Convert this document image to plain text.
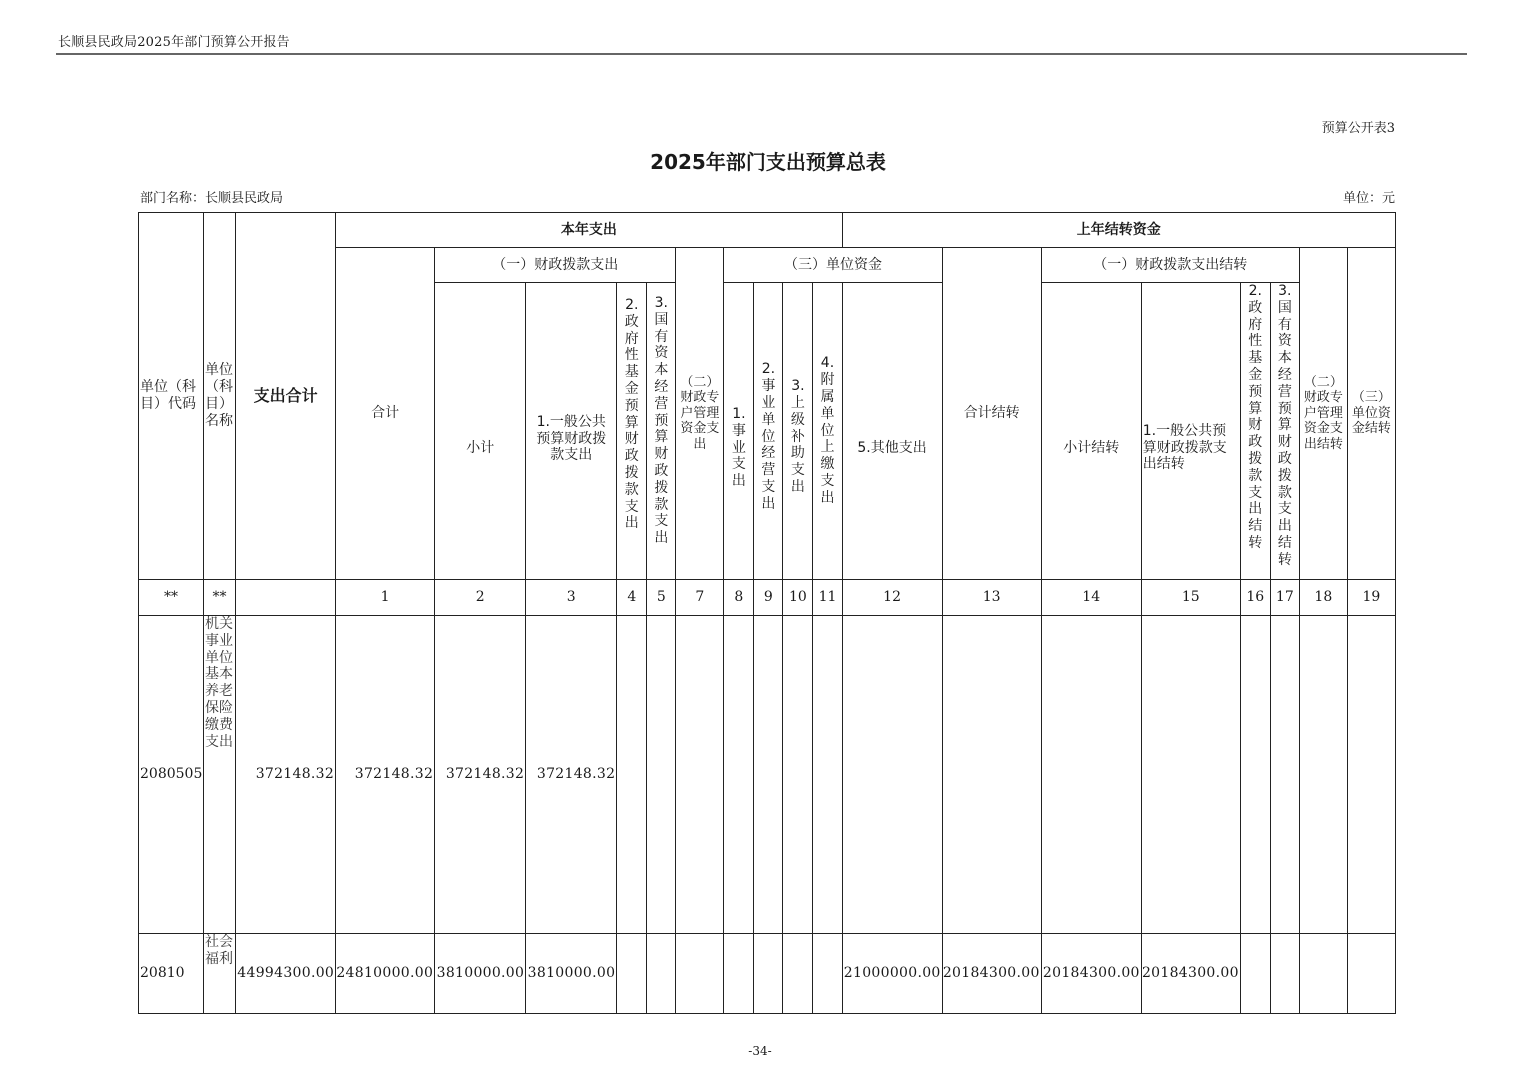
长顺县民政局2025年部门预算公开报告
预算公开表3
2025年部门支出预算总表
部门名称：长顺县民政局	单位：元
单位（科目）代码	单位（科目）名称	支出合计	本年支出										上年结转资金							
			合计	（一）财政拨款支出				（二）财政专户管理资金支出	（三）单位资金					合计结转	（一）财政拨款支出结转				（二）财政专户管理资金支出结转	（三）单位资金结转
				小计	1.一般公共预算财政拨款支出	2.政府性基金预算财政拨款支出	3.国有资本经营预算财政拨款支出		1.事业支出	2.事业单位经营支出	3.上级补助支出	4.附属单位上缴支出	5.其他支出		小计结转	1.一般公共预算财政拨款支出结转	2.政府性基金预算财政拨款支出结转	3.国有资本经营预算财政拨款支出结转		
**	**		1	2	3	4	5	7	8	9	10	11	12	13	14	15	16	17	18	19
2080505	机关事业单位基本养老保险缴费支出	372148.32	372148.32	372148.32	372148.32															
20810	社会福利	44994300.00	24810000.00	3810000.00	3810000.00								21000000.00	20184300.00	20184300.00	20184300.00				
-34-
